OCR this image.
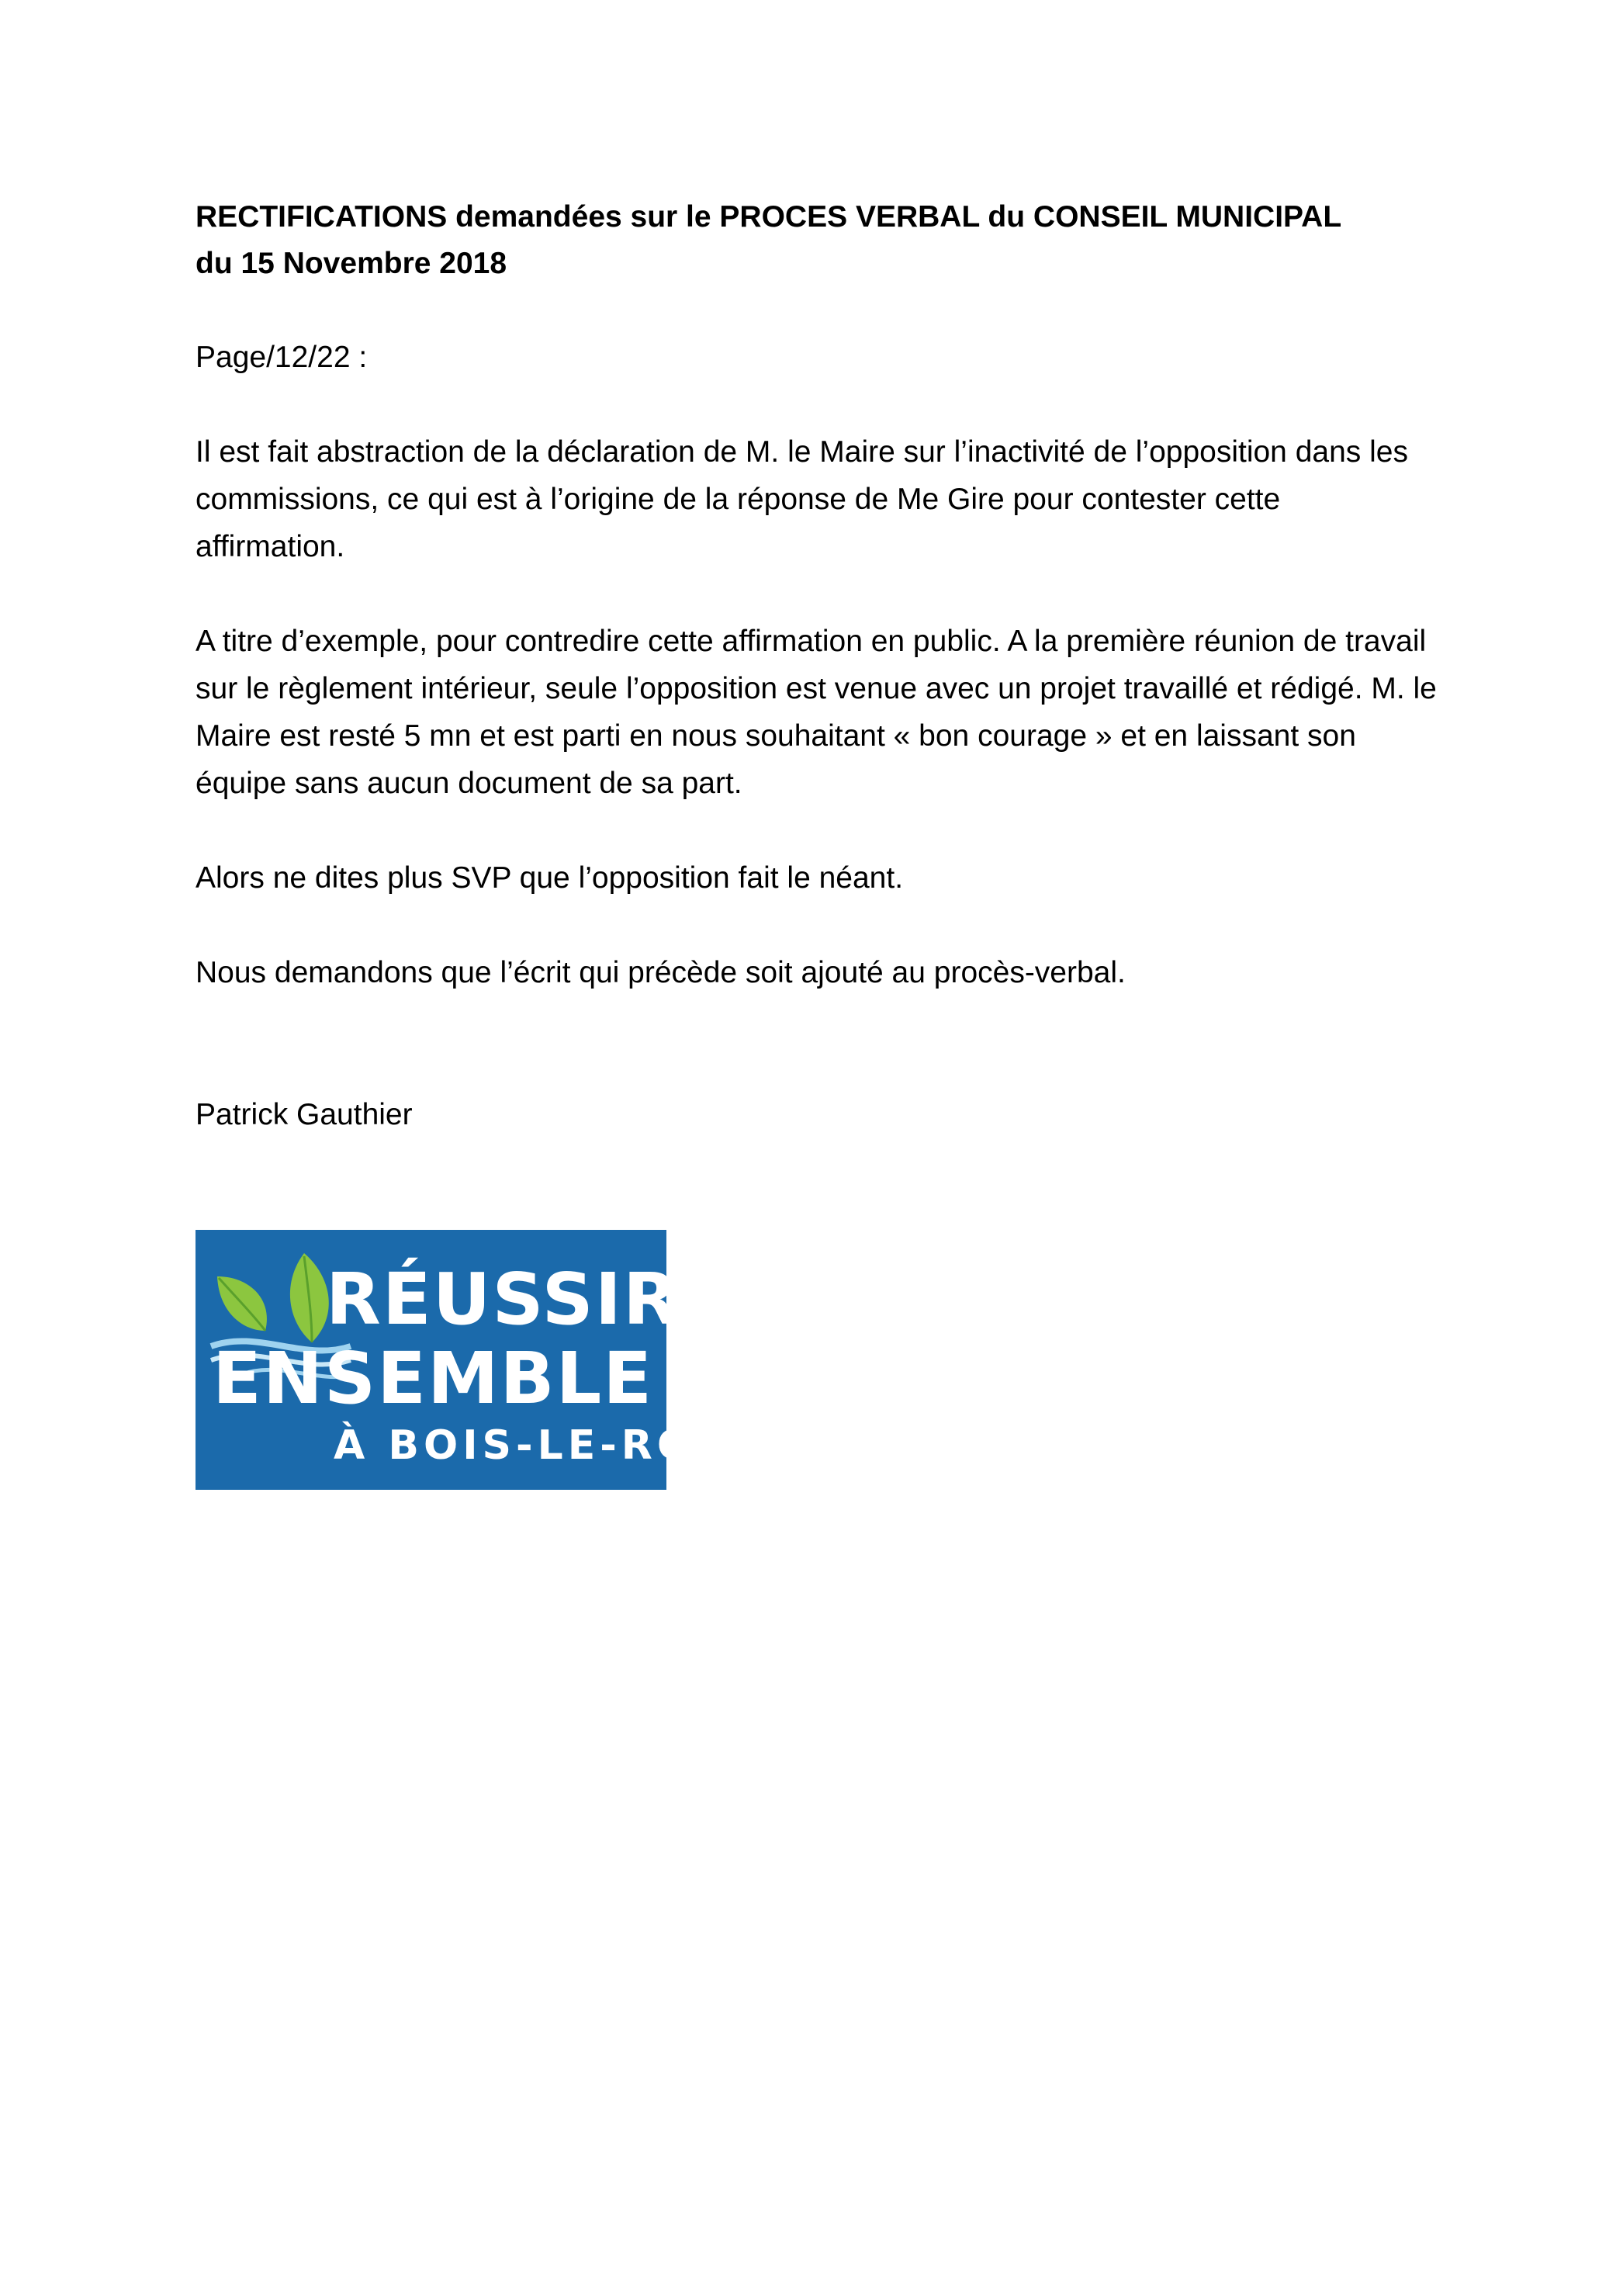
RECTIFICATIONS demandées sur le PROCES VERBAL du CONSEIL MUNICIPAL
du 15 Novembre 2018

Page/12/22 :

Il est fait abstraction de la déclaration de M. le Maire sur l’inactivité de l’opposition dans les commissions, ce qui est à l’origine de la réponse de Me Gire pour contester cette affirmation.

A titre d’exemple, pour contredire cette affirmation en public. A la première réunion de travail sur le règlement intérieur, seule l’opposition est venue avec un projet travaillé et rédigé. M. le Maire est resté 5 mn et est parti en nous souhaitant « bon courage » et en laissant son équipe sans aucun document de sa part.

Alors ne dites plus SVP que l’opposition fait le néant.

Nous demandons que l’écrit qui précède soit ajouté au procès-verbal.

Patrick Gauthier

RÉUSSIR
ENSEMBLE
À BOIS-LE-ROI
